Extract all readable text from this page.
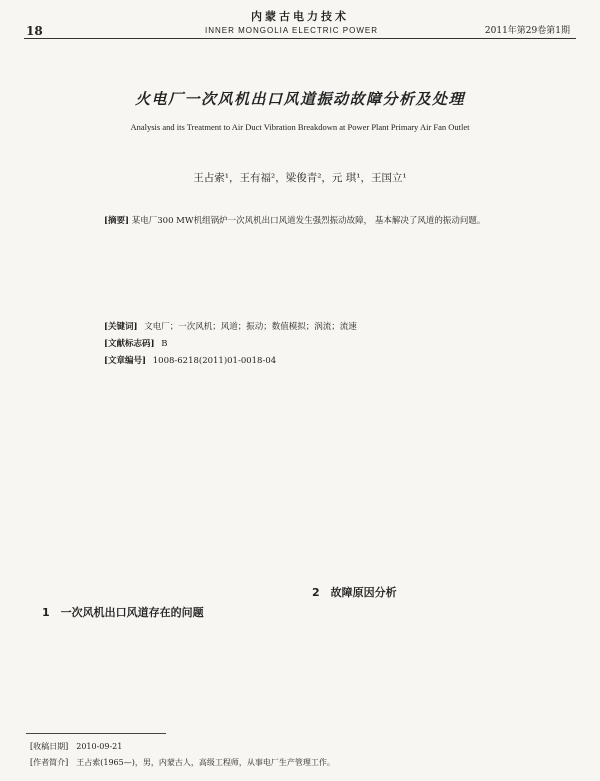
内蒙古电力技术
18	INNER MONGOLIA ELECTRIC POWER	2011年第29卷第1期
火电厂一次风机出口风道振动故障分析及处理
Analysis and its Treatment to Air Duct Vibration Breakdown at Power Plant Primary Air Fan Outlet
王占索¹，王有福²，梁俊青²，元 琪¹，王国立¹
[摘要] 某电厂300 MW机组锅炉一次风机出口风道发生强烈振动故障， 基本解决了风道的振动问题。
[关键词] 文电厂；一次风机；风道；振动；数值模拟；涡流；流速
[文献标志码] B
[文章编号] 1008-6218(2011)01-0018-04
1　一次风机出口风道存在的问题
2　故障原因分析
[收稿日期]　2010-09-21
[作者简介]　王占索(1965—)，男，内蒙古人，高级工程师，从事电厂生产管理工作。
